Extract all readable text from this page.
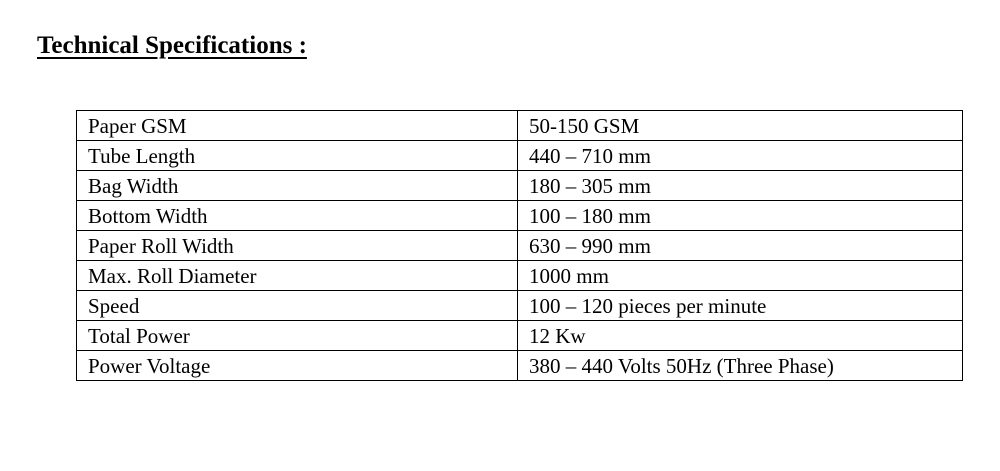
Technical Specifications :
Paper GSM	50-150 GSM
Tube Length	440 – 710 mm
Bag Width	180 – 305 mm
Bottom Width	100 – 180 mm
Paper Roll Width	630 – 990 mm
Max. Roll Diameter	1000 mm
Speed	100 – 120 pieces per minute
Total Power	12 Kw
Power Voltage	380 – 440 Volts 50Hz (Three Phase)
